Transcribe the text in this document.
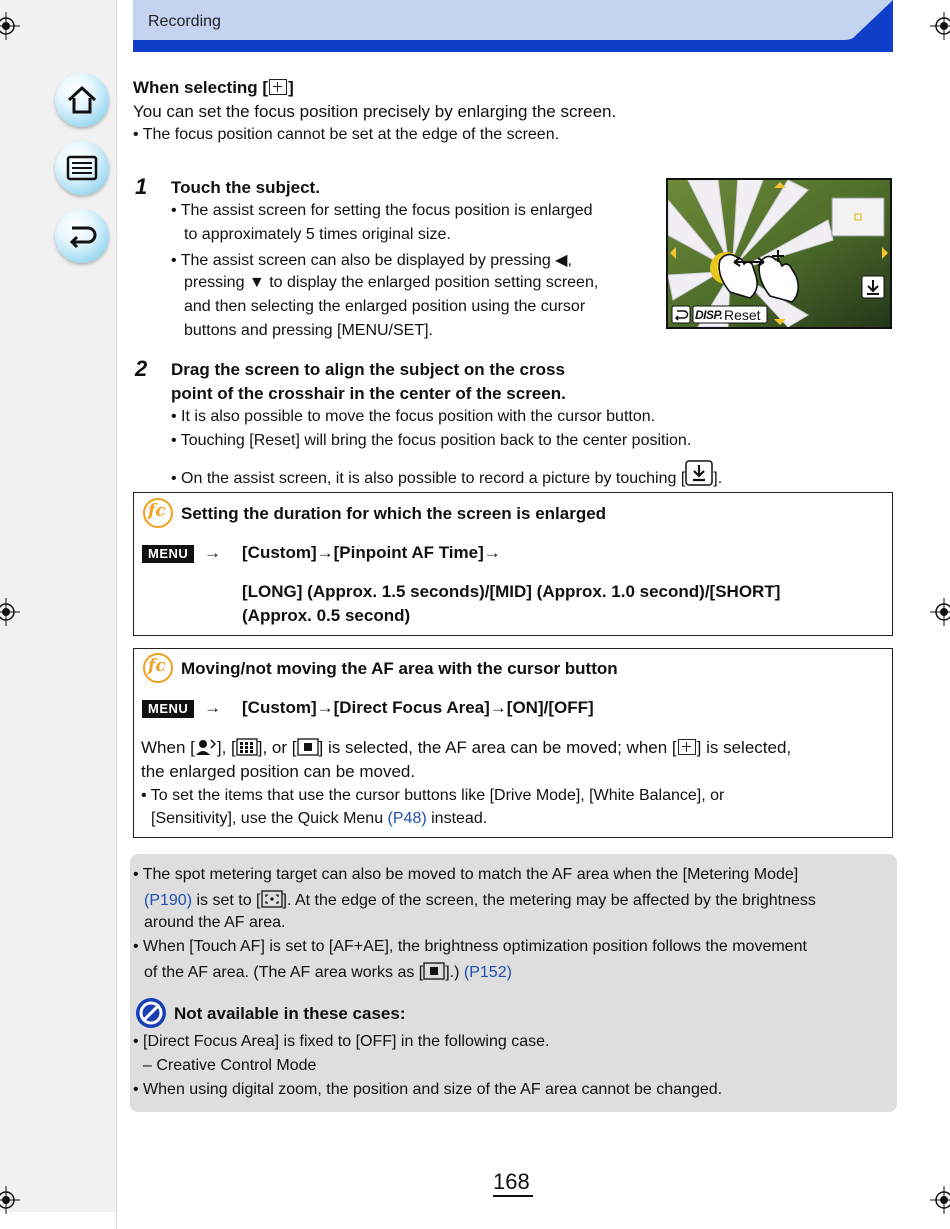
Recording
When selecting [ ]
You can set the focus position precisely by enlarging the screen.
• The focus position cannot be set at the edge of the screen.
1 Touch the subject.
• The assist screen for setting the focus position is enlarged
to approximately 5 times original size.
• The assist screen can also be displayed by pressing ◀,
pressing ▼ to display the enlarged position setting screen,
and then selecting the enlarged position using the cursor
buttons and pressing [MENU/SET].
DISP. Reset
2 Drag the screen to align the subject on the cross
point of the crosshair in the center of the screen.
• It is also possible to move the focus position with the cursor button.
• Touching [Reset] will bring the focus position back to the center position.
• On the assist screen, it is also possible to record a picture by touching [ ].
fc Setting the duration for which the screen is enlarged
MENU → [Custom]→[Pinpoint AF Time]→
[LONG] (Approx. 1.5 seconds)/[MID] (Approx. 1.0 second)/[SHORT]
(Approx. 0.5 second)
fc Moving/not moving the AF area with the cursor button
MENU → [Custom]→[Direct Focus Area]→[ON]/[OFF]
When [ ], [ ], or [ ] is selected, the AF area can be moved; when [ ] is selected,
the enlarged position can be moved.
• To set the items that use the cursor buttons like [Drive Mode], [White Balance], or
[Sensitivity], use the Quick Menu (P48) instead.
• The spot metering target can also be moved to match the AF area when the [Metering Mode]
(P190) is set to [ ]. At the edge of the screen, the metering may be affected by the brightness
around the AF area.
• When [Touch AF] is set to [AF+AE], the brightness optimization position follows the movement
of the AF area. (The AF area works as [ ].) (P152)
Not available in these cases:
• [Direct Focus Area] is fixed to [OFF] in the following case.
– Creative Control Mode
• When using digital zoom, the position and size of the AF area cannot be changed.
168
